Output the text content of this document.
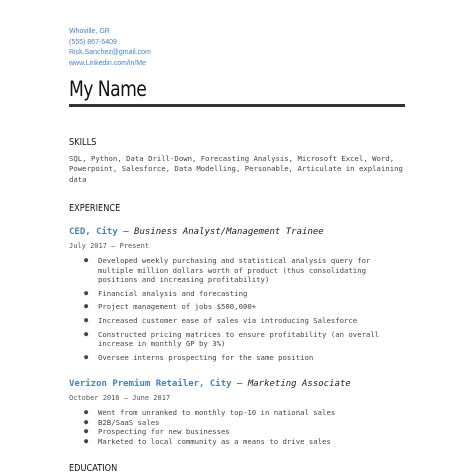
Whoville, GR
(555) 867-5409
Rick.Sanchez@gmail.com
www.Linkedin.com/in/Me
My Name
SKILLS
SQL, Python, Data Drill-Down, Forecasting Analysis, Microsoft Excel, Word, Powerpoint, Salesforce, Data Modelling, Personable, Articulate in explaining data
EXPERIENCE
CED, City — Business Analyst/Management Trainee
July 2017 – Present
● Developed weekly purchasing and statistical analysis query for multiple million dollars worth of product (thus consolidating positions and increasing profitability)
● Financial analysis and forecasting
● Project management of jobs $500,000+
● Increased customer ease of sales via introducing Salesforce
● Constructed pricing matrices to ensure profitability (an overall increase in monthly GP by 3%)
● Oversee interns prospecting for the same position
Verizon Premium Retailer, City — Marketing Associate
October 2016 – June 2017
● Went from unranked to monthly top-10 in national sales
● B2B/SaaS sales
● Prospecting for new businesses
● Marketed to local community as a means to drive sales
EDUCATION
